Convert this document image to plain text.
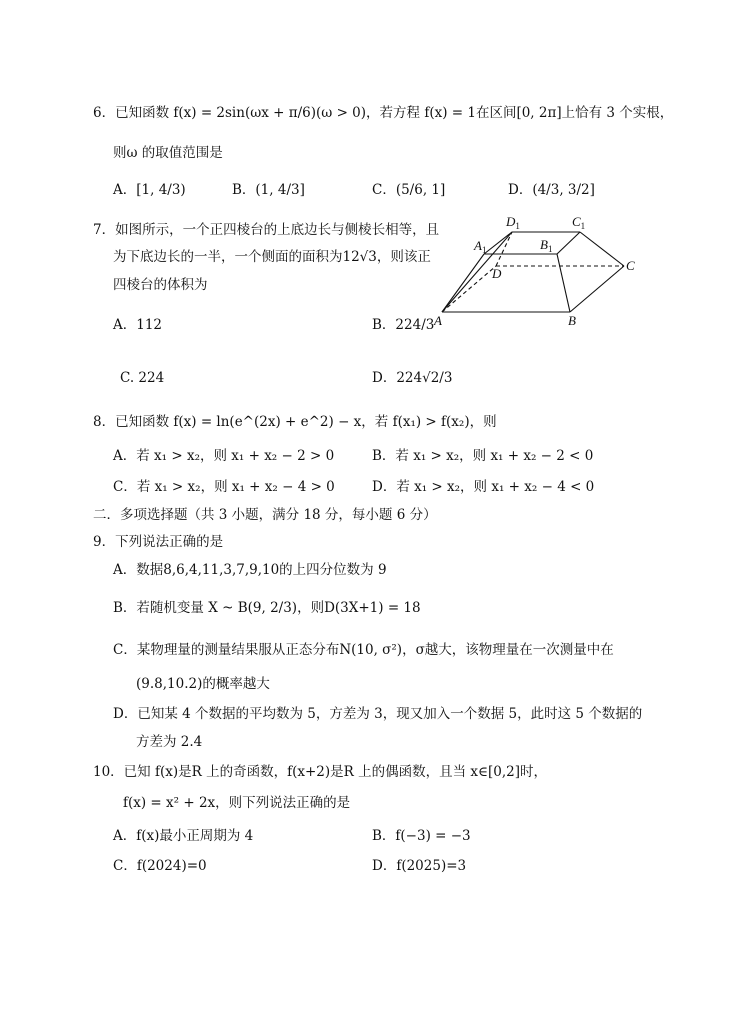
6．已知函数 f(x) = 2sin(ωx + π/6)(ω > 0)，若方程 f(x) = 1在区间[0, 2π]上恰有 3 个实根，
则ω 的取值范围是
A．[1, 4/3)	B．(1, 4/3]	C．(5/6, 1]	D．(4/3, 3/2]
7．如图所示，一个正四棱台的上底边长与侧棱长相等，且
为下底边长的一半，一个侧面的面积为12√3，则该正
四棱台的体积为
A．112	B．224/3
C. 224	D．224√2/3
$D_1$	$C_1$
$A_1$	$B_1$
D
C
A	B
8．已知函数 f(x) = ln(e^(2x) + e^2) − x，若 f(x₁) > f(x₂)，则
A．若 x₁ > x₂，则 x₁ + x₂ − 2 > 0	B．若 x₁ > x₂，则 x₁ + x₂ − 2 < 0
C．若 x₁ > x₂，则 x₁ + x₂ − 4 > 0	D．若 x₁ > x₂，则 x₁ + x₂ − 4 < 0
二．多项选择题（共 3 小题，满分 18 分，每小题 6 分）
9．下列说法正确的是
A．数据8,6,4,11,3,7,9,10的上四分位数为 9
B．若随机变量 X ~ B(9, 2/3)，则D(3X+1) = 18
C．某物理量的测量结果服从正态分布N(10, σ²)，σ越大，该物理量在一次测量中在
(9.8,10.2)的概率越大
D．已知某 4 个数据的平均数为 5，方差为 3，现又加入一个数据 5，此时这 5 个数据的
方差为 2.4
10．已知 f(x)是R 上的奇函数，f(x+2)是R 上的偶函数，且当 x∈[0,2]时，
f(x) = x² + 2x，则下列说法正确的是
A．f(x)最小正周期为 4	B．f(−3) = −3
C．f(2024)=0	D．f(2025)=3
